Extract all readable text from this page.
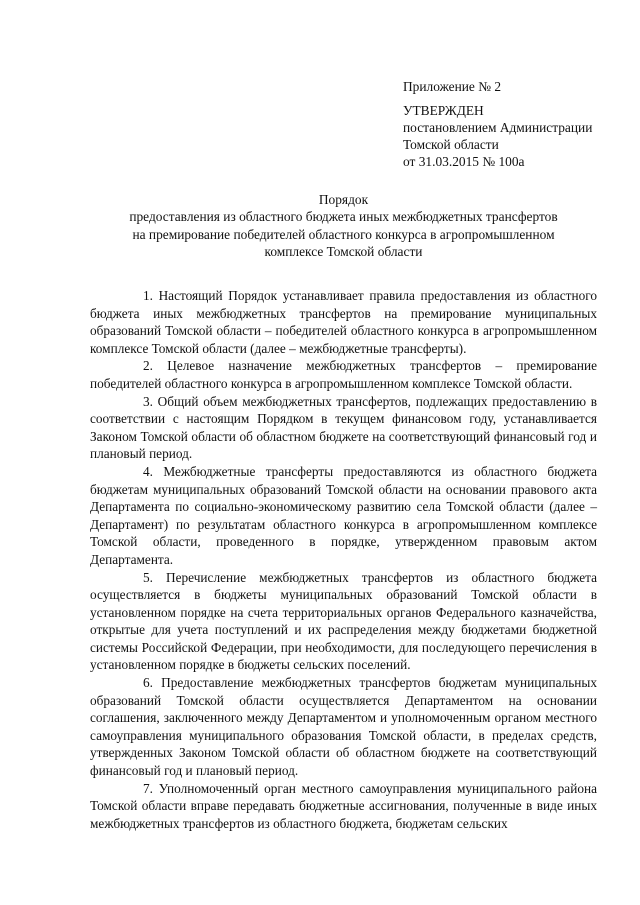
Приложение № 2

УТВЕРЖДЕН

постановлением Администрации

Томской области

от 31.03.2015 № 100а

Порядок

предоставления из областного бюджета иных межбюджетных трансфертов

на премирование победителей областного конкурса в агропромышленном

комплексе Томской области

1. Настоящий Порядок устанавливает правила предоставления из областного бюджета иных межбюджетных трансфертов на премирование муниципальных образований Томской области – победителей областного конкурса в агропромышленном комплексе Томской области (далее – межбюджетные трансферты).

2. Целевое назначение межбюджетных трансфертов – премирование победителей областного конкурса в агропромышленном комплексе Томской области.

3. Общий объем межбюджетных трансфертов, подлежащих предоставлению в соответствии с настоящим Порядком в текущем финансовом году, устанавливается Законом Томской области об областном бюджете на соответствующий финансовый год и плановый период.

4. Межбюджетные трансферты предоставляются из областного бюджета бюджетам муниципальных образований Томской области на основании правового акта Департамента по социально-экономическому развитию села Томской области (далее – Департамент) по результатам областного конкурса в агропромышленном комплексе Томской области, проведенного в порядке, утвержденном правовым актом Департамента.

5. Перечисление межбюджетных трансфертов из областного бюджета осуществляется в бюджеты муниципальных образований Томской области в установленном порядке на счета территориальных органов Федерального казначейства, открытые для учета поступлений и их распределения между бюджетами бюджетной системы Российской Федерации, при необходимости, для последующего перечисления в установленном порядке в бюджеты сельских поселений.

6. Предоставление межбюджетных трансфертов бюджетам муниципальных образований Томской области осуществляется Департаментом на основании соглашения, заключенного между Департаментом и уполномоченным органом местного самоуправления муниципального образования Томской области, в пределах средств, утвержденных Законом Томской области об областном бюджете на соответствующий финансовый год и плановый период.

7. Уполномоченный орган местного самоуправления муниципального района Томской области вправе передавать бюджетные ассигнования, полученные в виде иных межбюджетных трансфертов из областного бюджета, бюджетам сельских
